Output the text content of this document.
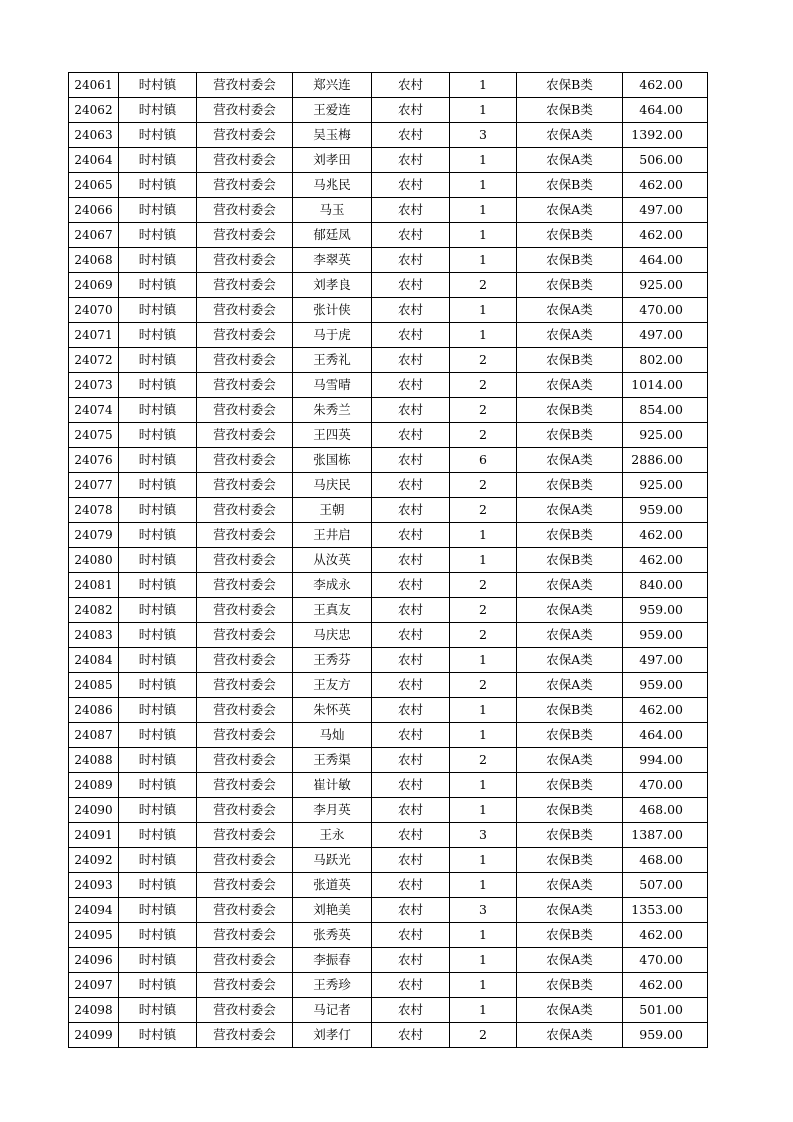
24061	时村镇	营孜村委会	郑兴连	农村	1	农保B类	462.00
24062	时村镇	营孜村委会	王爱连	农村	1	农保B类	464.00
24063	时村镇	营孜村委会	吴玉梅	农村	3	农保A类	1392.00
24064	时村镇	营孜村委会	刘孝田	农村	1	农保A类	506.00
24065	时村镇	营孜村委会	马兆民	农村	1	农保B类	462.00
24066	时村镇	营孜村委会	马玉	农村	1	农保A类	497.00
24067	时村镇	营孜村委会	郁廷凤	农村	1	农保B类	462.00
24068	时村镇	营孜村委会	李翠英	农村	1	农保B类	464.00
24069	时村镇	营孜村委会	刘孝良	农村	2	农保B类	925.00
24070	时村镇	营孜村委会	张计侠	农村	1	农保A类	470.00
24071	时村镇	营孜村委会	马于虎	农村	1	农保A类	497.00
24072	时村镇	营孜村委会	王秀礼	农村	2	农保B类	802.00
24073	时村镇	营孜村委会	马雪晴	农村	2	农保A类	1014.00
24074	时村镇	营孜村委会	朱秀兰	农村	2	农保B类	854.00
24075	时村镇	营孜村委会	王四英	农村	2	农保B类	925.00
24076	时村镇	营孜村委会	张国栋	农村	6	农保A类	2886.00
24077	时村镇	营孜村委会	马庆民	农村	2	农保B类	925.00
24078	时村镇	营孜村委会	王朝	农村	2	农保A类	959.00
24079	时村镇	营孜村委会	王井启	农村	1	农保B类	462.00
24080	时村镇	营孜村委会	从汝英	农村	1	农保B类	462.00
24081	时村镇	营孜村委会	李成永	农村	2	农保A类	840.00
24082	时村镇	营孜村委会	王真友	农村	2	农保A类	959.00
24083	时村镇	营孜村委会	马庆忠	农村	2	农保A类	959.00
24084	时村镇	营孜村委会	王秀芬	农村	1	农保A类	497.00
24085	时村镇	营孜村委会	王友方	农村	2	农保A类	959.00
24086	时村镇	营孜村委会	朱怀英	农村	1	农保B类	462.00
24087	时村镇	营孜村委会	马灿	农村	1	农保B类	464.00
24088	时村镇	营孜村委会	王秀渠	农村	2	农保A类	994.00
24089	时村镇	营孜村委会	崔计敏	农村	1	农保B类	470.00
24090	时村镇	营孜村委会	李月英	农村	1	农保B类	468.00
24091	时村镇	营孜村委会	王永	农村	3	农保B类	1387.00
24092	时村镇	营孜村委会	马跃光	农村	1	农保B类	468.00
24093	时村镇	营孜村委会	张道英	农村	1	农保A类	507.00
24094	时村镇	营孜村委会	刘艳美	农村	3	农保A类	1353.00
24095	时村镇	营孜村委会	张秀英	农村	1	农保B类	462.00
24096	时村镇	营孜村委会	李振春	农村	1	农保A类	470.00
24097	时村镇	营孜村委会	王秀珍	农村	1	农保B类	462.00
24098	时村镇	营孜村委会	马记者	农村	1	农保A类	501.00
24099	时村镇	营孜村委会	刘孝仃	农村	2	农保A类	959.00
